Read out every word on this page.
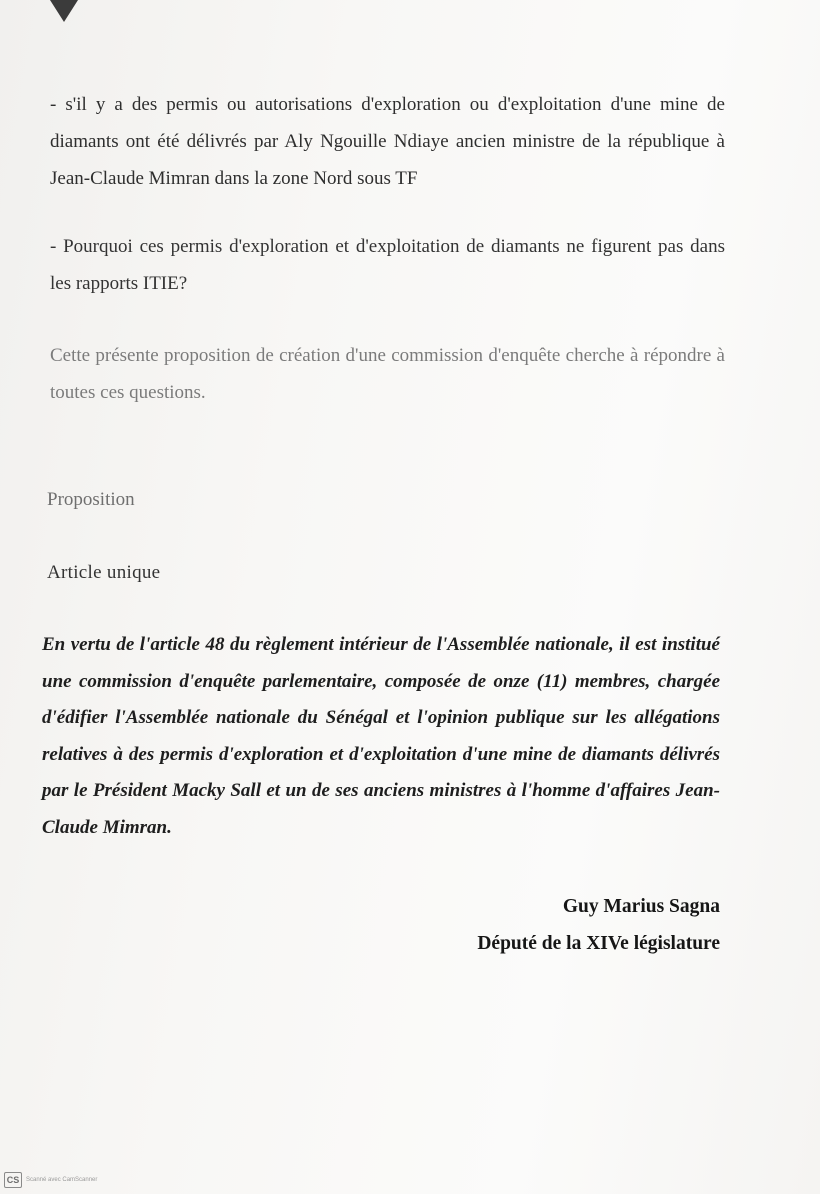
- s'il y a des permis ou autorisations d'exploration ou d'exploitation d'une mine de diamants ont été délivrés par Aly Ngouille Ndiaye ancien ministre de la république à Jean-Claude Mimran dans la zone Nord sous TF

- Pourquoi ces permis d'exploration et d'exploitation de diamants ne figurent pas dans les rapports ITIE?

Cette présente proposition de création d'une commission d'enquête cherche à répondre à toutes ces questions.

Proposition
Article unique

En vertu de l'article 48 du règlement intérieur de l'Assemblée nationale, il est institué une commission d'enquête parlementaire, composée de onze (11) membres, chargée d'édifier l'Assemblée nationale du Sénégal et l'opinion publique sur les allégations relatives à des permis d'exploration et d'exploitation d'une mine de diamants délivrés par le Président Macky Sall et un de ses anciens ministres à l'homme d'affaires Jean-Claude Mimran.

Guy Marius Sagna
Député de la XIVe législature
CS	Scanné avec CamScanner
